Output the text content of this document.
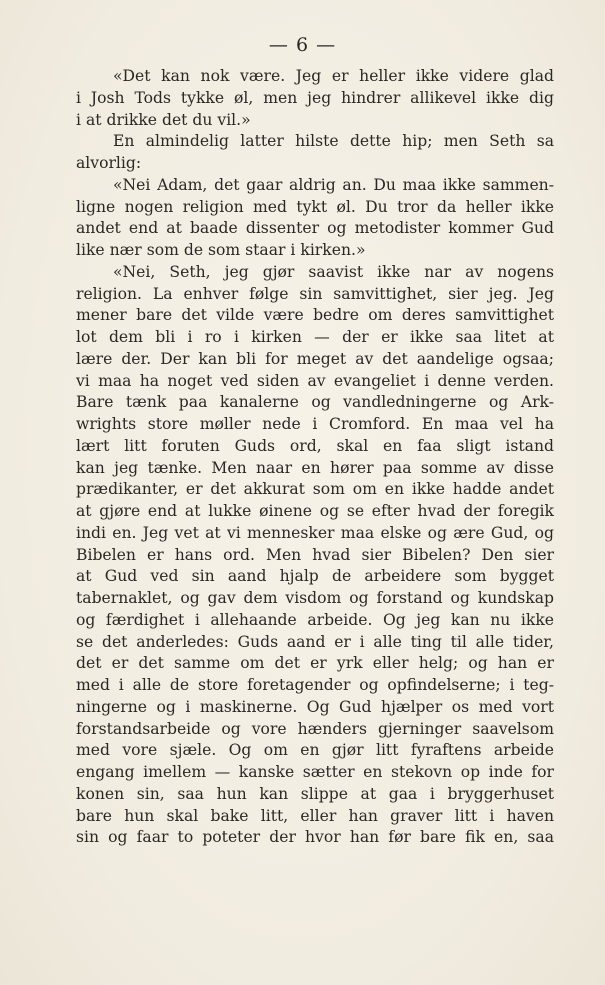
— 6 —
«Det kan nok være. Jeg er heller ikke videre glad
i Josh Tods tykke øl, men jeg hindrer allikevel ikke dig
i at drikke det du vil.»
En almindelig latter hilste dette hip; men Seth sa
alvorlig:
«Nei Adam, det gaar aldrig an. Du maa ikke sammen-
ligne nogen religion med tykt øl. Du tror da heller ikke
andet end at baade dissenter og metodister kommer Gud
like nær som de som staar i kirken.»
«Nei, Seth, jeg gjør saavist ikke nar av nogens
religion. La enhver følge sin samvittighet, sier jeg. Jeg
mener bare det vilde være bedre om deres samvittighet
lot dem bli i ro i kirken — der er ikke saa litet at
lære der. Der kan bli for meget av det aandelige ogsaa;
vi maa ha noget ved siden av evangeliet i denne verden.
Bare tænk paa kanalerne og vandledningerne og Ark-
wrights store møller nede i Cromford. En maa vel ha
lært litt foruten Guds ord, skal en faa sligt istand
kan jeg tænke. Men naar en hører paa somme av disse
prædikanter, er det akkurat som om en ikke hadde andet
at gjøre end at lukke øinene og se efter hvad der foregik
indi en. Jeg vet at vi mennesker maa elske og ære Gud, og
Bibelen er hans ord. Men hvad sier Bibelen? Den sier
at Gud ved sin aand hjalp de arbeidere som bygget
tabernaklet, og gav dem visdom og forstand og kundskap
og færdighet i allehaande arbeide. Og jeg kan nu ikke
se det anderledes: Guds aand er i alle ting til alle tider,
det er det samme om det er yrk eller helg; og han er
med i alle de store foretagender og opfindelserne; i teg-
ningerne og i maskinerne. Og Gud hjælper os med vort
forstandsarbeide og vore hænders gjerninger saavelsom
med vore sjæle. Og om en gjør litt fyraftens arbeide
engang imellem — kanske sætter en stekovn op inde for
konen sin, saa hun kan slippe at gaa i bryggerhuset
bare hun skal bake litt, eller han graver litt i haven
sin og faar to poteter der hvor han før bare fik en, saa
